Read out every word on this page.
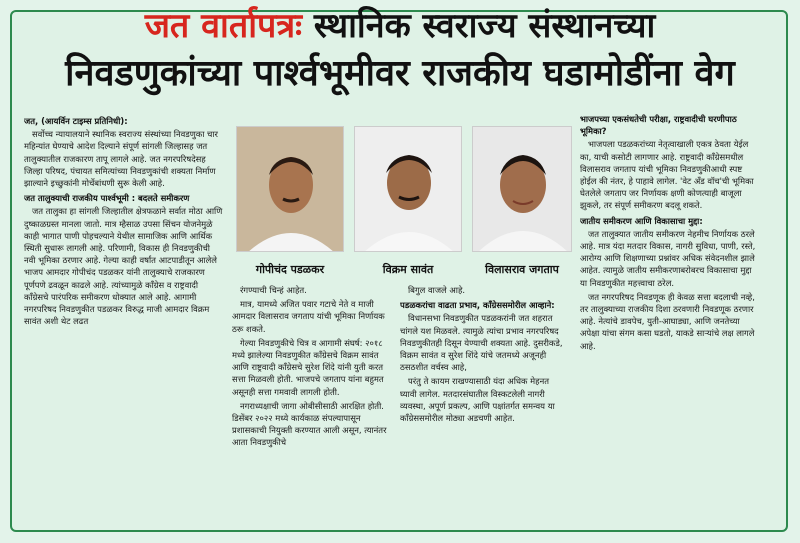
जत वार्तापत्रः स्थानिक स्वराज्य संस्थानच्या
निवडणुकांच्या पार्श्वभूमीवर राजकीय घडामोडींना वेग
जत, (आयर्विन टाइम्स प्रतिनिधी):

सर्वोच्च न्यायालयाने स्थानिक स्वराज्य संस्थांच्या निवडणुका चार महिन्यांत घेण्याचे आदेश दिल्याने संपूर्ण सांगली जिल्हासह जत तालुक्यातील राजकारण तापू लागले आहे. जत नगरपरिषदेसह जिल्हा परिषद, पंचायत समित्यांच्या निवडणुकांची शक्यता निर्माण झाल्याने इच्छुकांनी मोर्चेबांधणी सुरू केली आहे.

जत तालुक्याची राजकीय पार्श्वभूमी : बदलते समीकरण

जत तालुका हा सांगली जिल्हातील क्षेत्रफळाने सर्वात मोठा आणि दुष्काळग्रस्त मानला जातो. मात्र म्हैसाळ उपसा सिंचन योजनेमुळे काही भागात पाणी पोहचल्याने येथील सामाजिक आणि आर्थिक स्थिती सुधारू लागली आहे. परिणामी, विकास ही निवडणुकीची नवी भूमिका ठरणार आहे. गेल्या काही वर्षांत आटपाडीतून आलेले भाजप आमदार गोपीचंद पडळकर यांनी तालुक्याचे राजकारण पूर्णपणे ढवळून काढले आहे. त्यांच्यामुळे काँग्रेस व राष्ट्रवादी काँग्रेसचे पारंपरिक समीकरण धोक्यात आले आहे. आगामी नगरपरिषद निवडणुकीत पडळकर विरुद्ध माजी आमदार विक्रम सावंत अशी थेट लढत

गोपीचंद पडळकर	विक्रम सावंत	विलासराव जगताप

रंगण्याची चिन्हं आहेत.

मात्र, यामध्ये अजित पवार गटाचे नेते व माजी आमदार विलासराव जगताप यांची भूमिका निर्णायक ठरू शकते.

गेल्या निवडणुकीचे चित्र व आगामी संघर्ष: २०१८ मध्ये झालेल्या निवडणुकीत काँग्रेसचे विक्रम सावंत आणि राष्ट्रवादी काँग्रेसचे सुरेश शिंदे यांनी युती करत सत्ता मिळवली होती. भाजपचे जगताप यांना बहुमत असूनही सत्ता गमवावी लागली होती.

नगराध्यक्षाची जागा ओबीसीसाठी आरक्षित होती. डिसेंबर २०२२ मध्ये कार्यकाळ संपल्यापासून प्रशासकाची नियुक्ती करण्यात आली असून, त्यानंतर आता निवडणुकीचे

बिगुल वाजले आहे.

पडळकरांचा वाढता प्रभाव, काँग्रेससमोरील आव्हाने:

विधानसभा निवडणुकीत पडळकरांनी जत शहरात चांगले यश मिळवले. त्यामुळे त्यांचा प्रभाव नगरपरिषद निवडणुकीतही दिसून येण्याची शक्यता आहे. दुसरीकडे, विक्रम सावंत व सुरेश शिंदे यांचे जतमध्ये अजूनही ठसठशीत वर्चस्व आहे,

परंतु ते कायम राखण्यासाठी यंदा अधिक मेहनत घ्यावी लागेल. मतदारसंघातील विस्कटलेली नागरी व्यवस्था, अपूर्ण प्रकल्प, आणि पक्षांतर्गत समन्वय या काँग्रेससमोरील मोठ्या अडचणी आहेत.

भाजपच्या एकसंधतेची परीक्षा, राष्ट्रवादीची घरणीपाठ भूमिका?

भाजपला पडळकरांच्या नेतृत्वाखाली एकत्र ठेवता येईल का, याची कसोटी लागणार आहे. राष्ट्रवादी काँग्रेसमधील विलासराव जगताप यांची भूमिका निवडणुकीआधी स्पष्ट होईल की नंतर, हे पाहावे लागेल. 'वेट अँड वॉच'ची भूमिका घेतलेले जगताप जर निर्णायक क्षणी कोणत्याही बाजूला झुकले, तर संपूर्ण समीकरण बदलू शकते.

जातीय समीकरण आणि विकासाचा मुद्दा:

जत तालुक्यात जातीय समीकरण नेहमीच निर्णायक ठरले आहे. मात्र यंदा मतदार विकास, नागरी सुविधा, पाणी, रस्ते, आरोग्य आणि शिक्षणाच्या प्रश्नांवर अधिक संवेदनशील झाले आहेत. त्यामुळे जातीय समीकरणाबरोबरच विकासाचा मुद्दा या निवडणुकीत महत्त्वाचा ठरेल.

जत नगरपरिषद निवडणूक ही केवळ सत्ता बदलाची नव्हे, तर तालुक्याच्या राजकीय दिशा ठरवणारी निवडणूक ठरणार आहे. नेत्यांचे डावपेच, युती-आघाड्या, आणि जनतेच्या अपेक्षा यांचा संगम कसा घडतो, याकडे सार्‍यांचे लक्ष लागले आहे.
